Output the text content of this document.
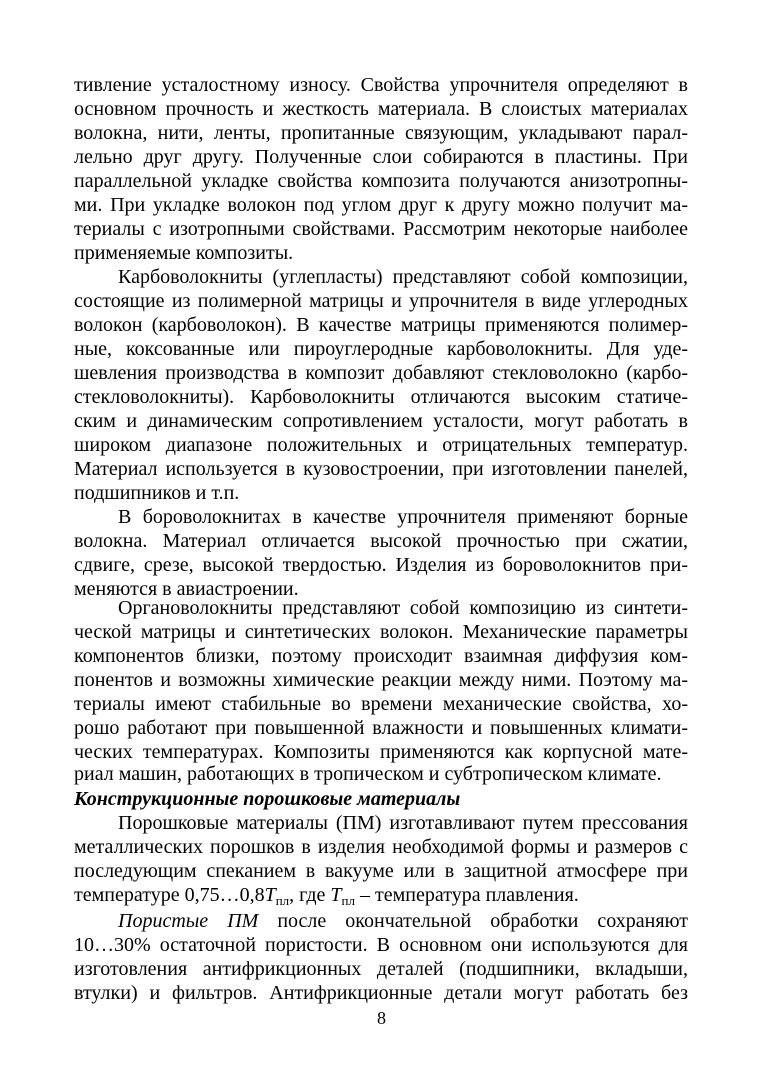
тивление усталостному износу. Свойства упрочнителя определяют в
основном прочность и жесткость материала. В слоистых материалах
волокна, нити, ленты, пропитанные связующим, укладывают парал-
лельно друг другу. Полученные слои собираются в пластины. При
параллельной укладке свойства композита получаются анизотропны-
ми. При укладке волокон под углом друг к другу можно получит ма-
териалы с изотропными свойствами. Рассмотрим некоторые наиболее
применяемые композиты.
Карбоволокниты (углепласты) представляют собой композиции,
состоящие из полимерной матрицы и упрочнителя в виде углеродных
волокон (карбоволокон). В качестве матрицы применяются полимер-
ные, коксованные или пироуглеродные карбоволокниты. Для уде-
шевления производства в композит добавляют стекловолокно (карбо-
стекловолокниты). Карбоволокниты отличаются высоким статиче-
ским и динамическим сопротивлением усталости, могут работать в
широком диапазоне положительных и отрицательных температур.
Материал используется в кузовостроении, при изготовлении панелей,
подшипников и т.п.
В бороволокнитах в качестве упрочнителя применяют борные
волокна. Материал отличается высокой прочностью при сжатии,
сдвиге, срезе, высокой твердостью. Изделия из бороволокнитов при-
меняются в авиастроении.
Органоволокниты представляют собой композицию из синтети-
ческой матрицы и синтетических волокон. Механические параметры
компонентов близки, поэтому происходит взаимная диффузия ком-
понентов и возможны химические реакции между ними. Поэтому ма-
териалы имеют стабильные во времени механические свойства, хо-
рошо работают при повышенной влажности и повышенных климати-
ческих температурах. Композиты применяются как корпусной мате-
риал машин, работающих в тропическом и субтропическом климате.
Конструкционные порошковые материалы
Порошковые материалы (ПМ) изготавливают путем прессования
металлических порошков в изделия необходимой формы и размеров с
последующим спеканием в вакууме или в защитной атмосфере при
температуре $0,75\dots 0,8T_{пл}$, где $T_{пл}$ – температура плавления.
Пористые ПМ после окончательной обработки сохраняют
10…30% остаточной пористости. В основном они используются для
изготовления антифрикционных деталей (подшипники, вкладыши,
втулки) и фильтров. Антифрикционные детали могут работать без
8
